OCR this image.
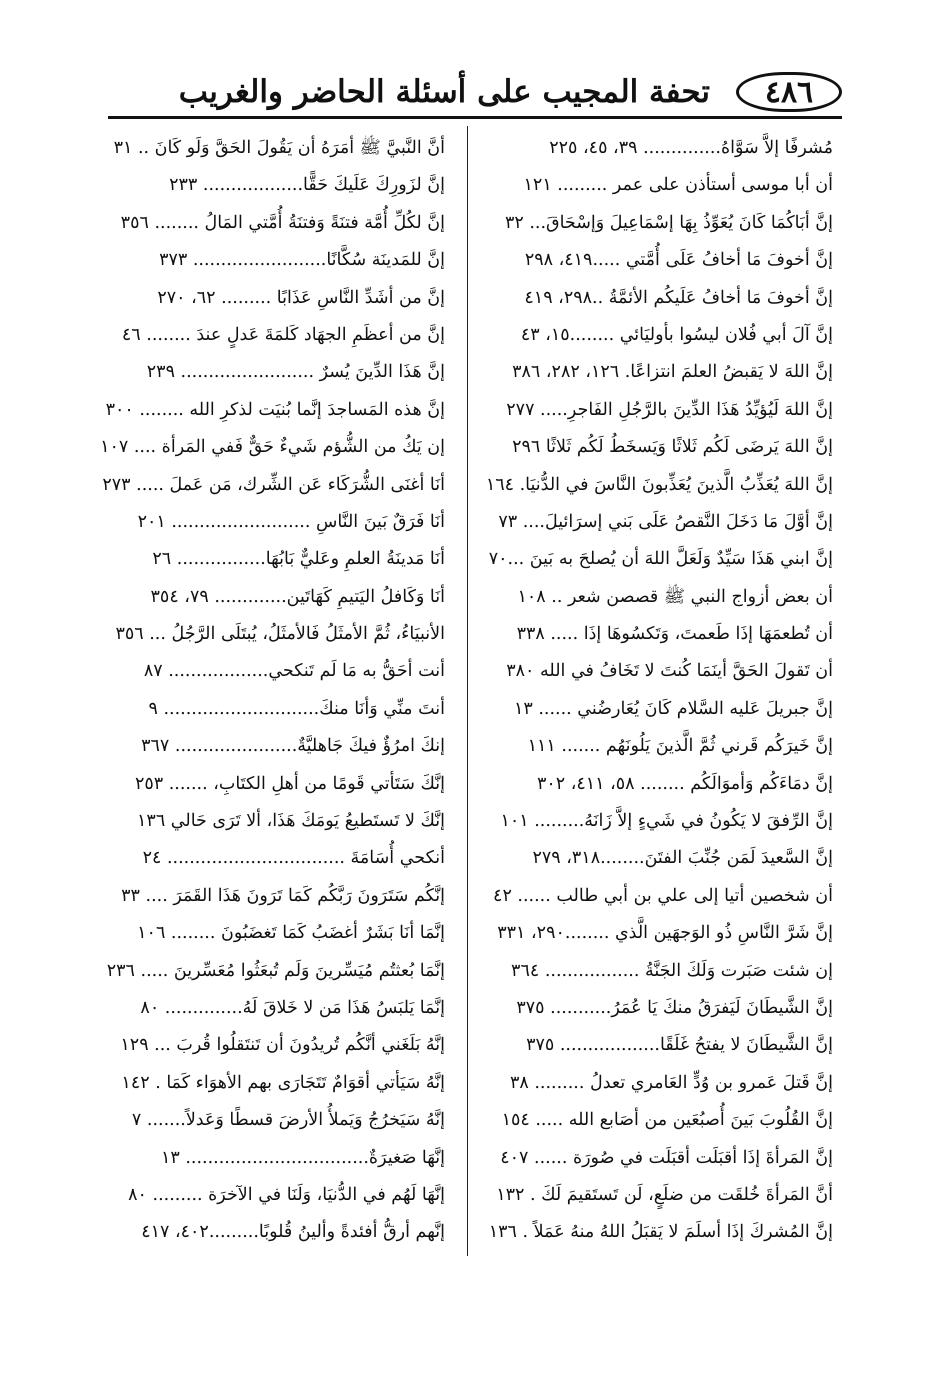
٤٨٦
تحفة المجيب على أسئلة الحاضر والغريب
مُشرفًا إلاَّ سَوَّاهُ.............. ٣٩، ٤٥، ٢٢٥
أن أبا موسى أستأذن على عمر ......... ١٢١
إنَّ أبَاكُمَا كَانَ يُعَوِّذُ بِهَا إسْمَاعِيلَ وَإسْحَاقَ... ٣٢
إنَّ أخوفَ مَا أخافُ عَلَى أُمَّتي .....٤١٩، ٢٩٨
إنَّ أخوفَ مَا أخافُ عَلَيكُم الأئمَّةُ ..٢٩٨، ٤١٩
إنَّ آلَ أبي فُلان ليسُوا بأوليَائي ........١٥، ٤٣
إنَّ اللهَ لا يَقبضُ العلمَ انتزاعًا. ١٢٦، ٢٨٢، ٣٨٦
إنَّ اللهَ لَيُؤيِّدُ هَذَا الدِّينَ بالرَّجُلِ الفَاجرِ..... ٢٧٧
إنَّ اللهَ يَرضَى لَكُم ثَلاثًا وَيَسخَطُ لَكُم ثَلاثًا ٢٩٦
إنَّ اللهَ يُعَذِّبُ الَّذينَ يُعَذِّبونَ النَّاسَ في الدُّنيَا. ١٦٤
إنَّ أوَّلَ مَا دَخَلَ النَّقصُ عَلَى بَني إسرَائيلَ.... ٧٣
إنَّ ابني هَذَا سَيِّدٌ وَلَعَلَّ اللهَ أن يُصلحَ به بَينَ ...٧٠
أن بعض أزواج النبي ﷺ قصصن شعر .. ١٠٨
أن تُطعمَهَا إذَا طَعمتَ، وَتَكسُوهَا إذَا ..... ٣٣٨
أن تَقولَ الحَقَّ أينَمَا كُنتَ لا تَخَافُ في الله ٣٨٠
إنَّ جبريلَ عَليه السَّلام كَانَ يُعَارضُني ...... ١٣
إنَّ خَيرَكُم قَرني ثُمَّ الَّذينَ يَلُونَهُم ....... ١١١
إنَّ دمَاءَكُم وَأموَالَكُم ........ ٥٨، ٤١١، ٣٠٢
إنَّ الرِّفقَ لا يَكُونُ في شَيءٍ إلاَّ زَانَهُ......... ١٠١
إنَّ السَّعيدَ لَمَن جُنِّبَ الفتَنَ........٣١٨، ٢٧٩
أن شخصين أتيا إلى علي بن أبي طالب ...... ٤٢
إنَّ شَرَّ النَّاسِ ذُو الوَجهَين الَّذي ........٢٩٠، ٣٣١
إن شئت صَبَرت وَلَكَ الجَنَّةُ ................. ٣٦٤
إنَّ الشَّيطَانَ لَيَفرَقُ منكَ يَا عُمَرُ........... ٣٧٥
إنَّ الشَّيطَانَ لا يفتحُ غَلَقًا.................. ٣٧٥
إنَّ قَتلَ عَمرو بن وُدٍّ العَامري تعدلُ ......... ٣٨
إنَّ القُلُوبَ بَينَ أُصبُعَين من أصَابع الله ..... ١٥٤
إنَّ المَرأةَ إذَا أقبَلَت أقبَلَت في صُورَة ...... ٤٠٧
أنَّ المَرأةَ خُلقَت من ضلَعٍ، لَن تَستَقيمَ لَكَ . ١٣٢
إنَّ المُشركَ إذَا أسلَمَ لا يَقبَلُ اللهُ منهُ عَمَلاً . ١٣٦
أنَّ النَّبيَّ ﷺ أمَرَهُ أن يَقُولَ الحَقَّ وَلَو كَانَ .. ٣١
إنَّ لزَورِكَ عَلَيكَ حَقًّا.................. ٢٣٣
إنَّ لكُلِّ أُمَّة فتنَةً وَفتنَةُ أُمَّتي المَالُ ........ ٣٥٦
إنَّ للمَدينَة سُكَّانًا........................ ٣٧٣
إنَّ من أشَدِّ النَّاسِ عَذَابًا ......... ٦٢، ٢٧٠
إنَّ من أعظَمِ الجهَاد كَلمَةَ عَدلٍ عندَ ........ ٤٦
إنَّ هَذَا الدِّينَ يُسرٌ ........................ ٢٣٩
إنَّ هذه المَساجدَ إنَّما بُنيَت لذكرِ الله ........ ٣٠٠
إن يَكُ من الشُّؤم شَيءٌ حَقٌّ فَفي المَرأة .... ١٠٧
أنَا أغنَى الشُّرَكَاء عَن الشِّرك، مَن عَملَ ..... ٢٧٣
أنَا فَرَقٌ بَينَ النَّاسِ ......................... ٢٠١
أنَا مَدينَةُ العلمِ وعَليٌّ بَابُهَا................ ٢٦
أنَا وَكَافلُ اليَتيمِ كَهَاتَين............. ٧٩، ٣٥٤
الأنبيَاءُ، ثُمَّ الأمثَلُ فَالأمثَلُ، يُبتَلَى الرَّجُلُ ... ٣٥٦
أنت أحَقُّ به مَا لَم تَنكحي.................. ٨٧
أنتَ منِّي وَأنَا منكَ............................ ٩
إنكَ امرُؤٌ فيكَ جَاهليَّةٌ...................... ٣٦٧
إنَّكَ سَتَأتي قَومًا من أهلِ الكتَابِ، ....... ٢٥٣
إنَّكَ لا تَستَطيعُ يَومَكَ هَذَا، ألا تَرَى حَالي ١٣٦
أنكحي أُسَامَةَ ................................ ٢٤
إنَّكُم سَتَرَونَ رَبَّكُم كَمَا تَرَونَ هَذَا القَمَرَ .... ٣٣
إنَّمَا أنَا بَشَرٌ أغضَبُ كَمَا تَغضَبُونَ ........ ١٠٦
إنَّمَا بُعثتُم مُيَسِّرينَ وَلَم تُبعَثُوا مُعَسِّرينَ ..... ٢٣٦
إنَّمَا يَلبَسُ هَذَا مَن لا خَلاقَ لَهُ.............. ٨٠
إنَّهُ بَلَغَني أنَّكُم تُريدُونَ أن تَنتَقلُوا قُربَ ... ١٢٩
إنَّهُ سَيَأتي أقوَامٌ تَتَجَارَى بهم الأهوَاء كَمَا . ١٤٢
إنَّهُ سَيَخرُجُ وَيَملأُ الأرضَ قسطًا وَعَدلاً....... ٧
إنَّهَا صَغيرَةٌ................................. ١٣
إنَّهَا لَهُم في الدُّنيَا، وَلَنَا في الآخرَة ......... ٨٠
إنَّهم أرقُّ أفئدةً وألينُ قُلوبًا.........٤٠٢، ٤١٧
